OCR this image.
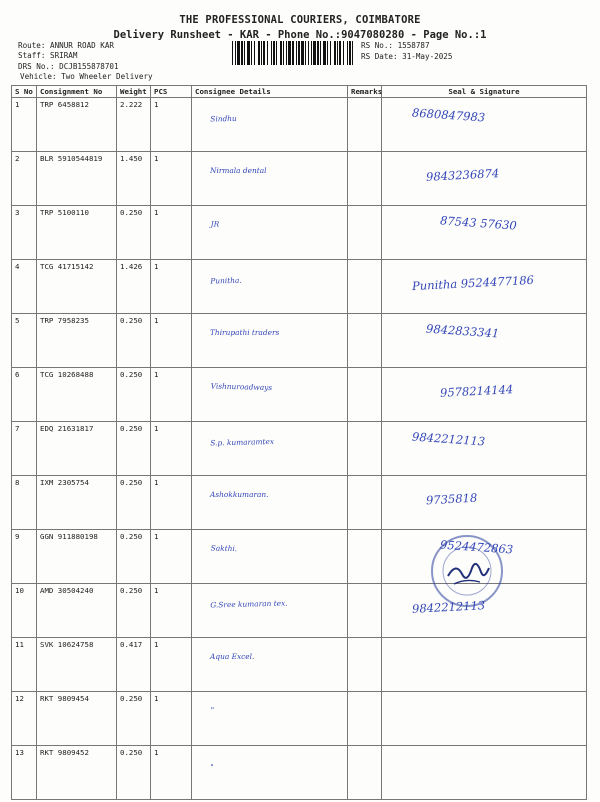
THE PROFESSIONAL COURIERS, COIMBATORE
Delivery Runsheet - KAR - Phone No.:9047080280 - Page No.:1
Route: ANNUR ROAD KAR
Staff: SRIRAM
DRS No.: DCJB155878701
Vehicle: Two Wheeler Delivery
RS No.: 1558787
RS Date: 31-May-2025
S No	Consignment No	Weight	PCS	Consignee Details	Remarks	Seal & Signature
1	TRP 6458812	2.222	1	Sindhu		8680847983

2	BLR 5910544819	1.450	1	Nirmala dental		9843236874

3	TRP 5100110	0.250	1	JR		87543 57630

4	TCG 41715142	1.426	1	Punitha.		Punitha 9524477186

5	TRP 7958235	0.250	1	Thirupathi traders		9842833341

6	TCG 10268488	0.250	1	Vishnuroadways		9578214144

7	EDQ 21631817	0.250	1	S.p. kumaramtex		9842212113

8	IXM 2305754	0.250	1	Ashokkumaran.		9735818

9	GGN 911880198	0.250	1	Sakthi.		9524472863

10	AMD 30504240	0.250	1	G.Sree kumaran tex.		9842212113

11	SVK 10624758	0.417	1	Aqua Excel.		

12	RKT 9809454	0.250	1	"		

13	RKT 9809452	0.250	1	"		
